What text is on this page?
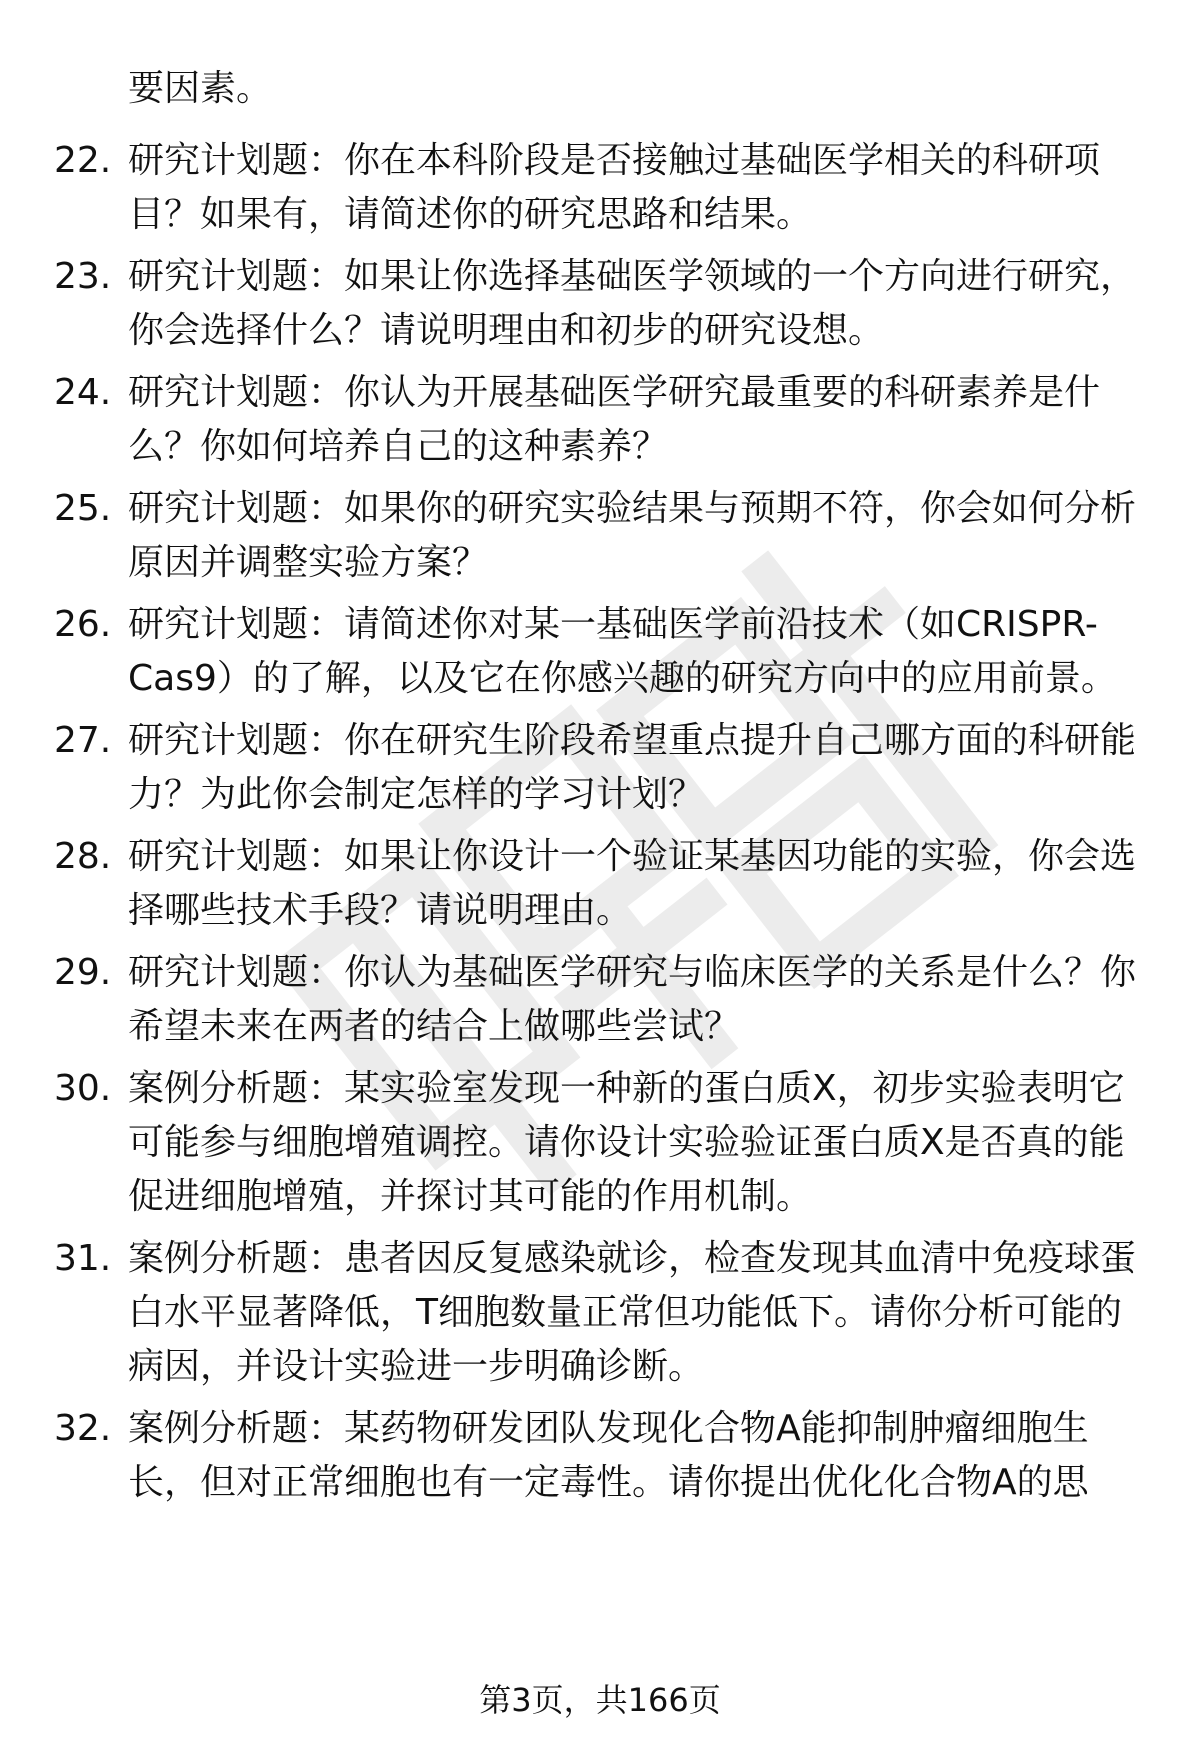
要因素。

22. 研究计划题：你在本科阶段是否接触过基础医学相关的科研项目？如果有，请简述你的研究思路和结果。

23. 研究计划题：如果让你选择基础医学领域的一个方向进行研究，你会选择什么？请说明理由和初步的研究设想。

24. 研究计划题：你认为开展基础医学研究最重要的科研素养是什么？你如何培养自己的这种素养？

25. 研究计划题：如果你的研究实验结果与预期不符，你会如何分析原因并调整实验方案？

26. 研究计划题：请简述你对某一基础医学前沿技术（如CRISPR-Cas9）的了解，以及它在你感兴趣的研究方向中的应用前景。

27. 研究计划题：你在研究生阶段希望重点提升自己哪方面的科研能力？为此你会制定怎样的学习计划？

28. 研究计划题：如果让你设计一个验证某基因功能的实验，你会选择哪些技术手段？请说明理由。

29. 研究计划题：你认为基础医学研究与临床医学的关系是什么？你希望未来在两者的结合上做哪些尝试？

30. 案例分析题：某实验室发现一种新的蛋白质X，初步实验表明它可能参与细胞增殖调控。请你设计实验验证蛋白质X是否真的能促进细胞增殖，并探讨其可能的作用机制。

31. 案例分析题：患者因反复感染就诊，检查发现其血清中免疫球蛋白水平显著降低，T细胞数量正常但功能低下。请你分析可能的病因，并设计实验进一步明确诊断。

32. 案例分析题：某药物研发团队发现化合物A能抑制肿瘤细胞生长，但对正常细胞也有一定毒性。请你提出优化化合物A的思

第3页，共166页
